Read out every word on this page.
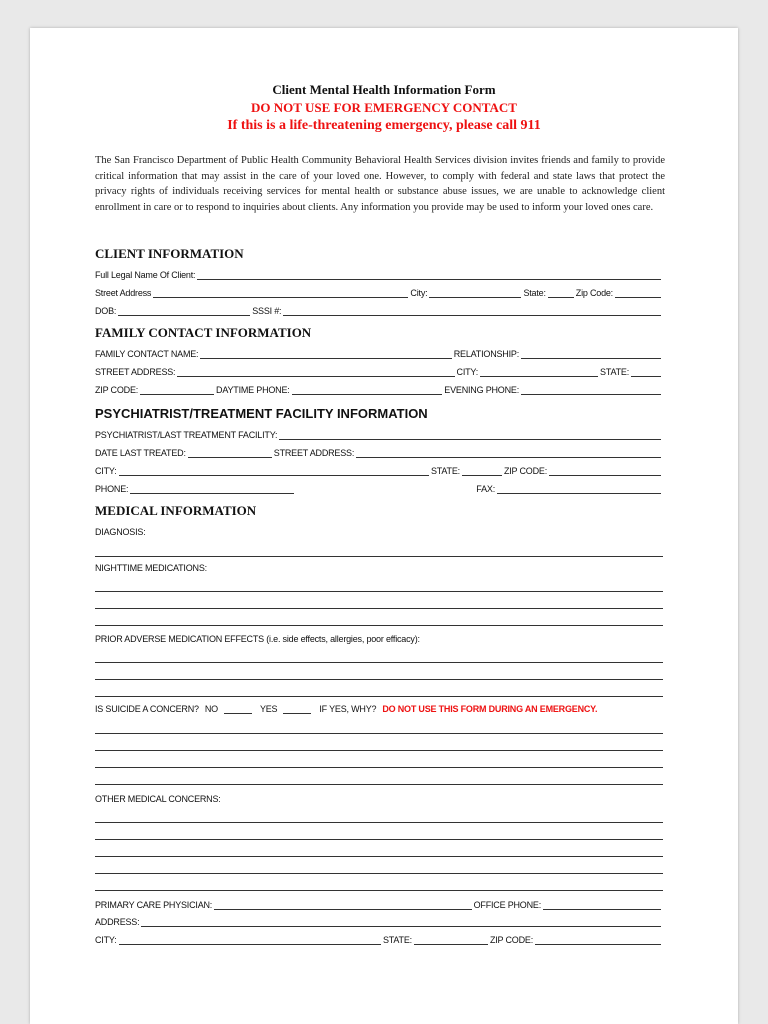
Client Mental Health Information Form
DO NOT USE FOR EMERGENCY CONTACT
If this is a life-threatening emergency, please call 911
The San Francisco Department of Public Health Community Behavioral Health Services division invites friends and family to provide critical information that may assist in the care of your loved one. However, to comply with federal and state laws that protect the privacy rights of individuals receiving services for mental health or substance abuse issues, we are unable to acknowledge client enrollment in care or to respond to inquiries about clients. Any information you provide may be used to inform your loved ones care.
CLIENT INFORMATION
Full Legal Name Of Client:
Street Address	City:	State:	Zip Code:
DOB:	SSSI #:
FAMILY CONTACT INFORMATION
FAMILY CONTACT NAME:	RELATIONSHIP:
STREET ADDRESS:	CITY:	STATE:
ZIP CODE:	DAYTIME PHONE:	EVENING PHONE:
PSYCHIATRIST/TREATMENT FACILITY INFORMATION
PSYCHIATRIST/LAST TREATMENT FACILITY:
DATE LAST TREATED:	STREET ADDRESS:
CITY:	STATE:	ZIP CODE:
PHONE:	FAX:
MEDICAL INFORMATION
DIAGNOSIS:
NIGHTTIME MEDICATIONS:
PRIOR ADVERSE MEDICATION EFFECTS (i.e. side effects, allergies, poor efficacy):
IS SUICIDE A CONCERN? NO	YES	IF YES, WHY? DO NOT USE THIS FORM DURING AN EMERGENCY.
OTHER MEDICAL CONCERNS:
PRIMARY CARE PHYSICIAN:	OFFICE PHONE:
ADDRESS:
CITY:	STATE:	ZIP CODE:
